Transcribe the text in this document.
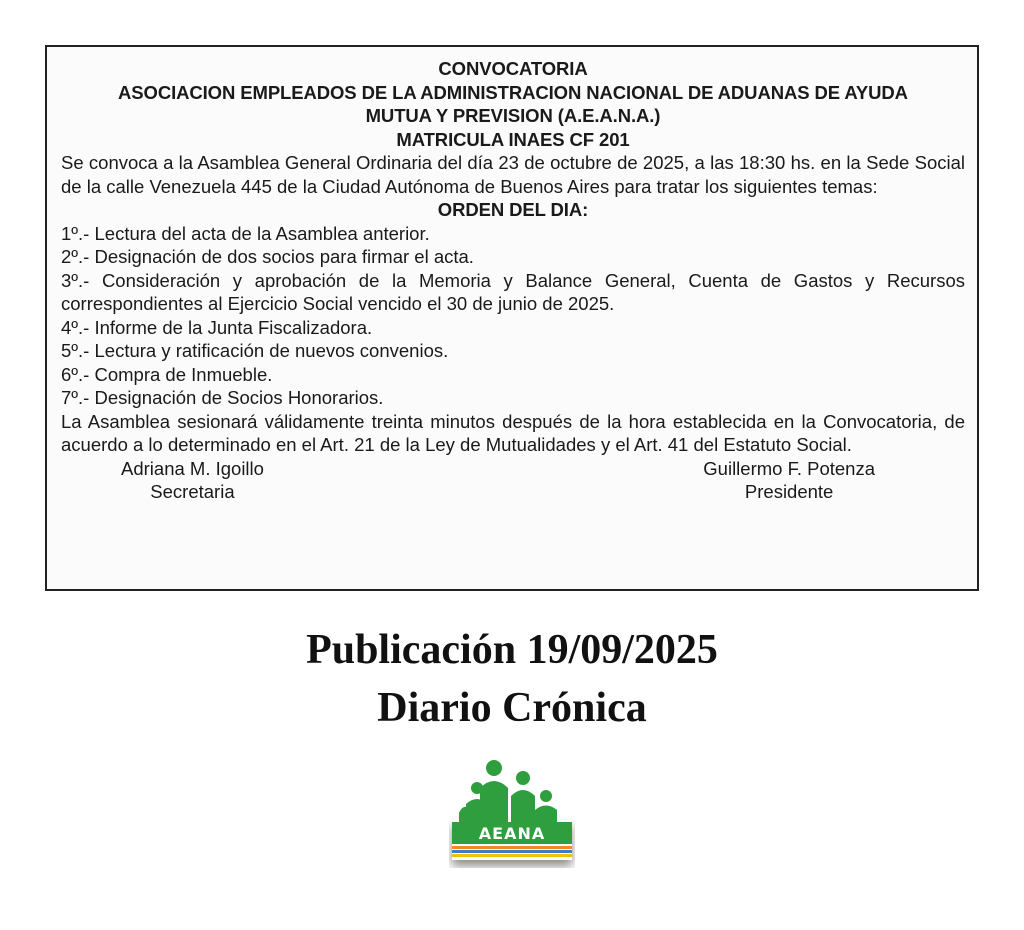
CONVOCATORIA
ASOCIACION EMPLEADOS DE LA ADMINISTRACION NACIONAL DE ADUANAS DE AYUDA
MUTUA Y PREVISION (A.E.A.N.A.)
MATRICULA INAES CF 201
Se convoca a la Asamblea General Ordinaria del día 23 de octubre de 2025, a las 18:30 hs. en la Sede Social de la calle Venezuela 445 de la Ciudad Autónoma de Buenos Aires para tratar los siguientes temas:
ORDEN DEL DIA:
1º.- Lectura del acta de la Asamblea anterior.
2º.- Designación de dos socios para firmar el acta.
3º.- Consideración y aprobación de la Memoria y Balance General, Cuenta de Gastos y Recursos correspondientes al Ejercicio Social vencido el 30 de junio de 2025.
4º.- Informe de la Junta Fiscalizadora.
5º.- Lectura y ratificación de nuevos convenios.
6º.- Compra de Inmueble.
7º.- Designación de Socios Honorarios.
La Asamblea sesionará válidamente treinta minutos después de la hora establecida en la Convocatoria, de acuerdo a lo determinado en el Art. 21 de la Ley de Mutualidades y el Art. 41 del Estatuto Social.
Adriana M. Igoillo
Secretaria
Guillermo F. Potenza
Presidente
Publicación 19/09/2025
Diario Crónica
AEANA
